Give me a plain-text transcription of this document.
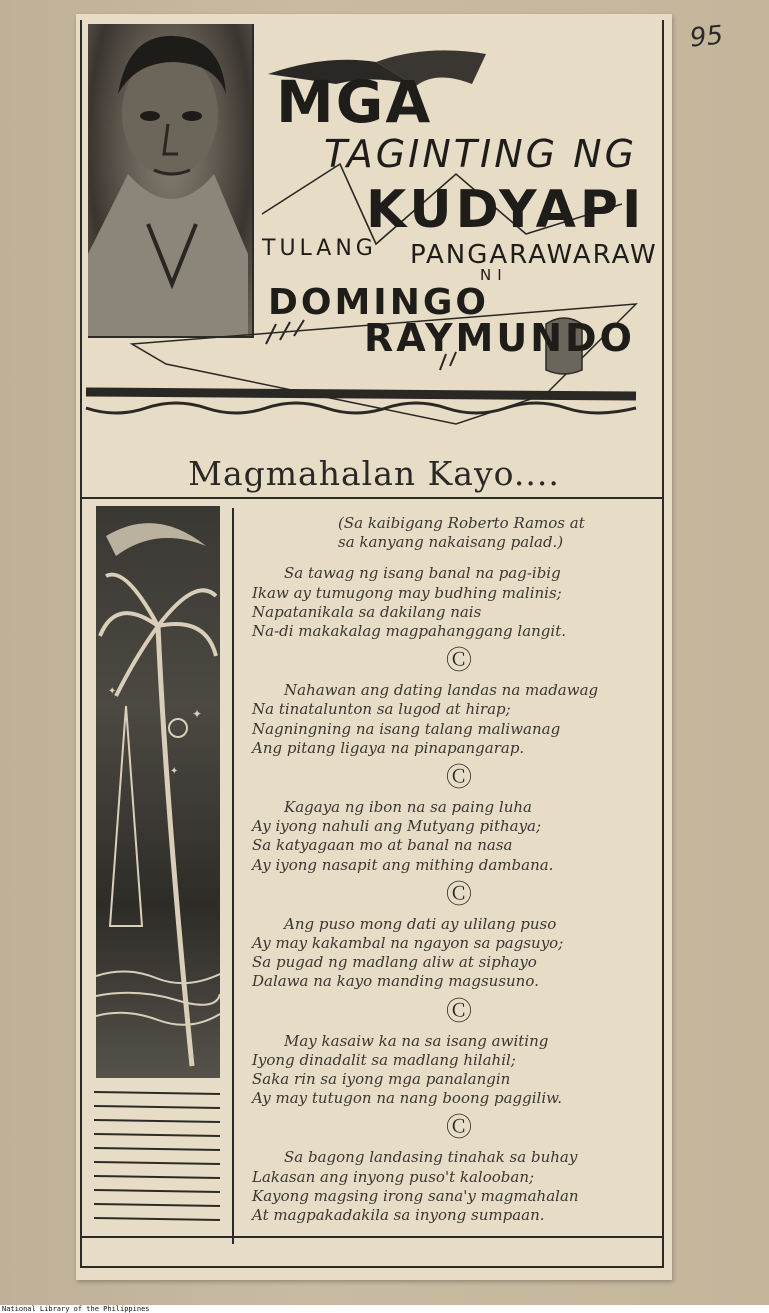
95
MGA
TAGINTING NG
KUDYAPI
TULANG PANGARAWARAW
NI
DOMINGO
RAYMUNDO
Magmahalan Kayo....
✦
✦
✦
(Sa kaibigang Roberto Ramos at
sa kanyang nakaisang palad.)
Sa tawag ng isang banal na pag-ibig
Ikaw ay tumugong may budhing malinis;
Napatanikala sa dakilang nais
Na-di makakalag magpahanggang langit.
Ⓒ
Nahawan ang dating landas na madawag
Na tinatalunton sa lugod at hirap;
Nagningning na isang talang maliwanag
Ang pitang ligaya na pinapangarap.
Ⓒ
Kagaya ng ibon na sa paing luha
Ay iyong nahuli ang Mutyang pithaya;
Sa katyagaan mo at banal na nasa
Ay iyong nasapit ang mithing dambana.
Ⓒ
Ang puso mong dati ay ulilang puso
Ay may kakambal na ngayon sa pagsuyo;
Sa pugad ng madlang aliw at siphayo
Dalawa na kayo manding magsusuno.
Ⓒ
May kasaiw ka na sa isang awiting
Iyong dinadalit sa madlang hilahil;
Saka rin sa iyong mga panalangin
Ay may tutugon na nang boong paggiliw.
Ⓒ
Sa bagong landasing tinahak sa buhay
Lakasan ang inyong puso't kalooban;
Kayong magsing irong sana'y magmahalan
At magpakadakila sa inyong sumpaan.
National Library of the Philippines
